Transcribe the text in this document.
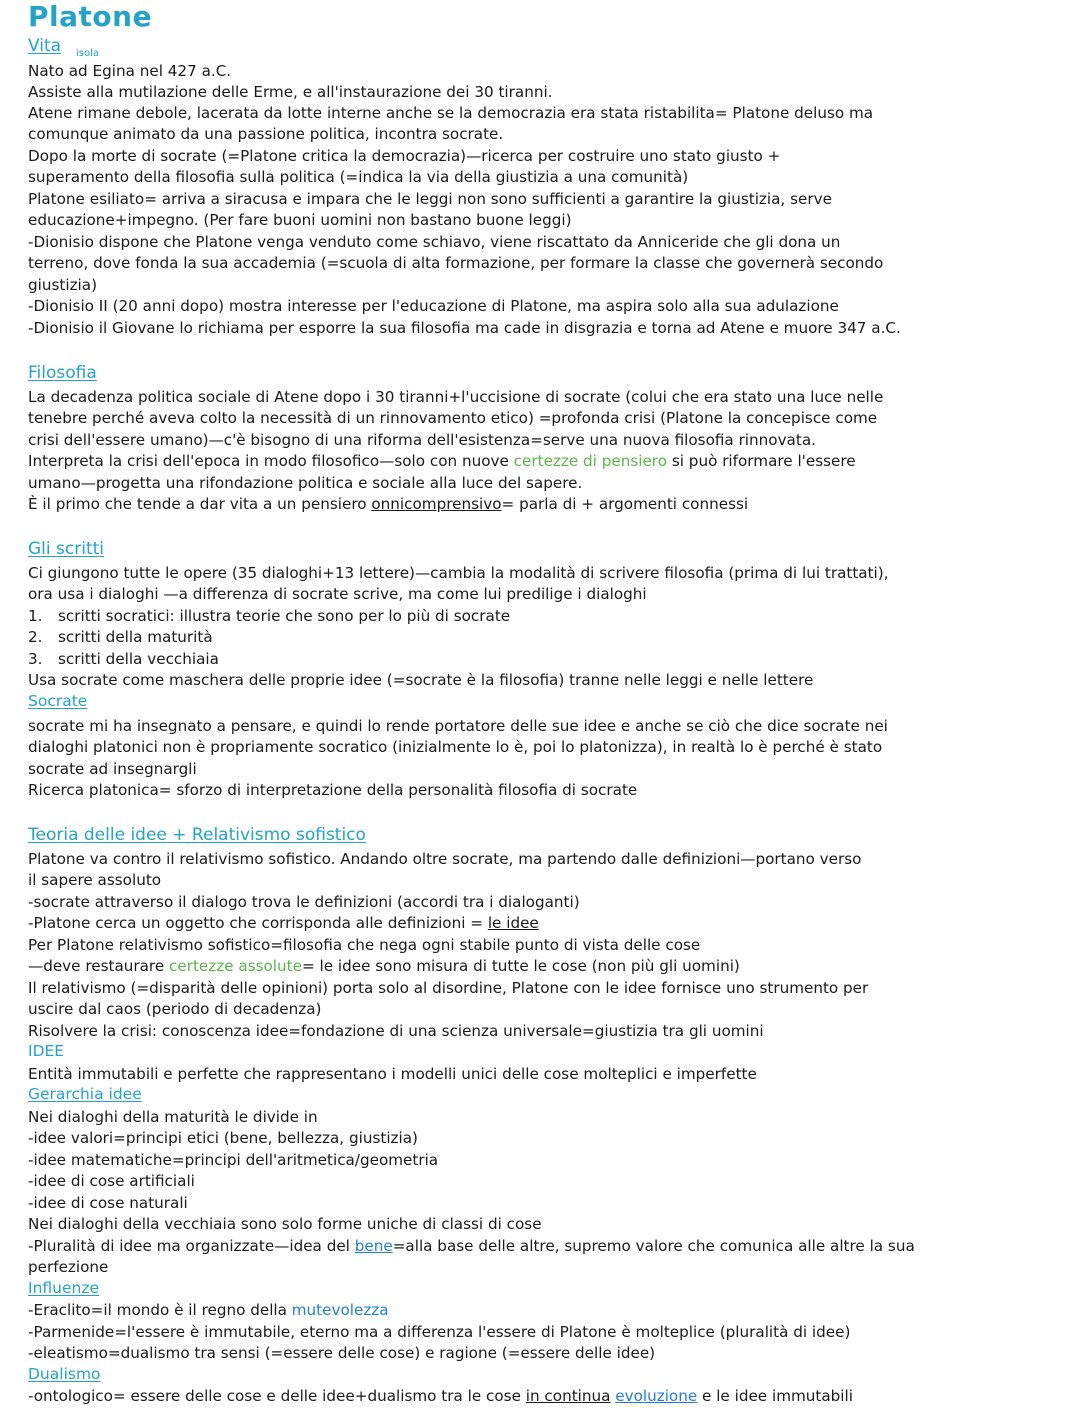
Platone
Vita isola
Nato ad Egina nel 427 a.C.
Assiste alla mutilazione delle Erme, e all'instaurazione dei 30 tiranni.
Atene rimane debole, lacerata da lotte interne anche se la democrazia era stata ristabilita= Platone deluso ma
comunque animato da una passione politica, incontra socrate.
Dopo la morte di socrate (=Platone critica la democrazia)—ricerca per costruire uno stato giusto +
superamento della filosofia sulla politica (=indica la via della giustizia a una comunità)
Platone esiliato= arriva a siracusa e impara che le leggi non sono sufficienti a garantire la giustizia, serve
educazione+impegno. (Per fare buoni uomini non bastano buone leggi)
-Dionisio dispone che Platone venga venduto come schiavo, viene riscattato da Anniceride che gli dona un
terreno, dove fonda la sua accademia (=scuola di alta formazione, per formare la classe che governerà secondo
giustizia)
-Dionisio II (20 anni dopo) mostra interesse per l'educazione di Platone, ma aspira solo alla sua adulazione
-Dionisio il Giovane lo richiama per esporre la sua filosofia ma cade in disgrazia e torna ad Atene e muore 347 a.C.
Filosofia
La decadenza politica sociale di Atene dopo i 30 tiranni+l'uccisione di socrate (colui che era stato una luce nelle
tenebre perché aveva colto la necessità di un rinnovamento etico) =profonda crisi (Platone la concepisce come
crisi dell'essere umano)—c'è bisogno di una riforma dell'esistenza=serve una nuova filosofia rinnovata.
Interpreta la crisi dell'epoca in modo filosofico—solo con nuove certezze di pensiero si può riformare l'essere
umano—progetta una rifondazione politica e sociale alla luce del sapere.
È il primo che tende a dar vita a un pensiero onnicomprensivo= parla di + argomenti connessi
Gli scritti
Ci giungono tutte le opere (35 dialoghi+13 lettere)—cambia la modalità di scrivere filosofia (prima di lui trattati),
ora usa i dialoghi —a differenza di socrate scrive, ma come lui predilige i dialoghi
1. scritti socratici: illustra teorie che sono per lo più di socrate
2. scritti della maturità
3. scritti della vecchiaia
Usa socrate come maschera delle proprie idee (=socrate è la filosofia) tranne nelle leggi e nelle lettere
Socrate
socrate mi ha insegnato a pensare, e quindi lo rende portatore delle sue idee e anche se ciò che dice socrate nei
dialoghi platonici non è propriamente socratico (inizialmente lo è, poi lo platonizza), in realtà lo è perché è stato
socrate ad insegnargli
Ricerca platonica= sforzo di interpretazione della personalità filosofia di socrate
Teoria delle idee + Relativismo sofistico
Platone va contro il relativismo sofistico. Andando oltre socrate, ma partendo dalle definizioni—portano verso
il sapere assoluto
-socrate attraverso il dialogo trova le definizioni (accordi tra i dialoganti)
-Platone cerca un oggetto che corrisponda alle definizioni = le idee
Per Platone relativismo sofistico=filosofia che nega ogni stabile punto di vista delle cose
—deve restaurare certezze assolute= le idee sono misura di tutte le cose (non più gli uomini)
Il relativismo (=disparità delle opinioni) porta solo al disordine, Platone con le idee fornisce uno strumento per
uscire dal caos (periodo di decadenza)
Risolvere la crisi: conoscenza idee=fondazione di una scienza universale=giustizia tra gli uomini
IDEE
Entità immutabili e perfette che rappresentano i modelli unici delle cose molteplici e imperfette
Gerarchia idee
Nei dialoghi della maturità le divide in
-idee valori=principi etici (bene, bellezza, giustizia)
-idee matematiche=principi dell'aritmetica/geometria
-idee di cose artificiali
-idee di cose naturali
Nei dialoghi della vecchiaia sono solo forme uniche di classi di cose
-Pluralità di idee ma organizzate—idea del bene=alla base delle altre, supremo valore che comunica alle altre la sua
perfezione
Influenze
-Eraclito=il mondo è il regno della mutevolezza
-Parmenide=l'essere è immutabile, eterno ma a differenza l'essere di Platone è molteplice (pluralità di idee)
-eleatismo=dualismo tra sensi (=essere delle cose) e ragione (=essere delle idee)
Dualismo
-ontologico= essere delle cose e delle idee+dualismo tra le cose in continua evoluzione e le idee immutabili
